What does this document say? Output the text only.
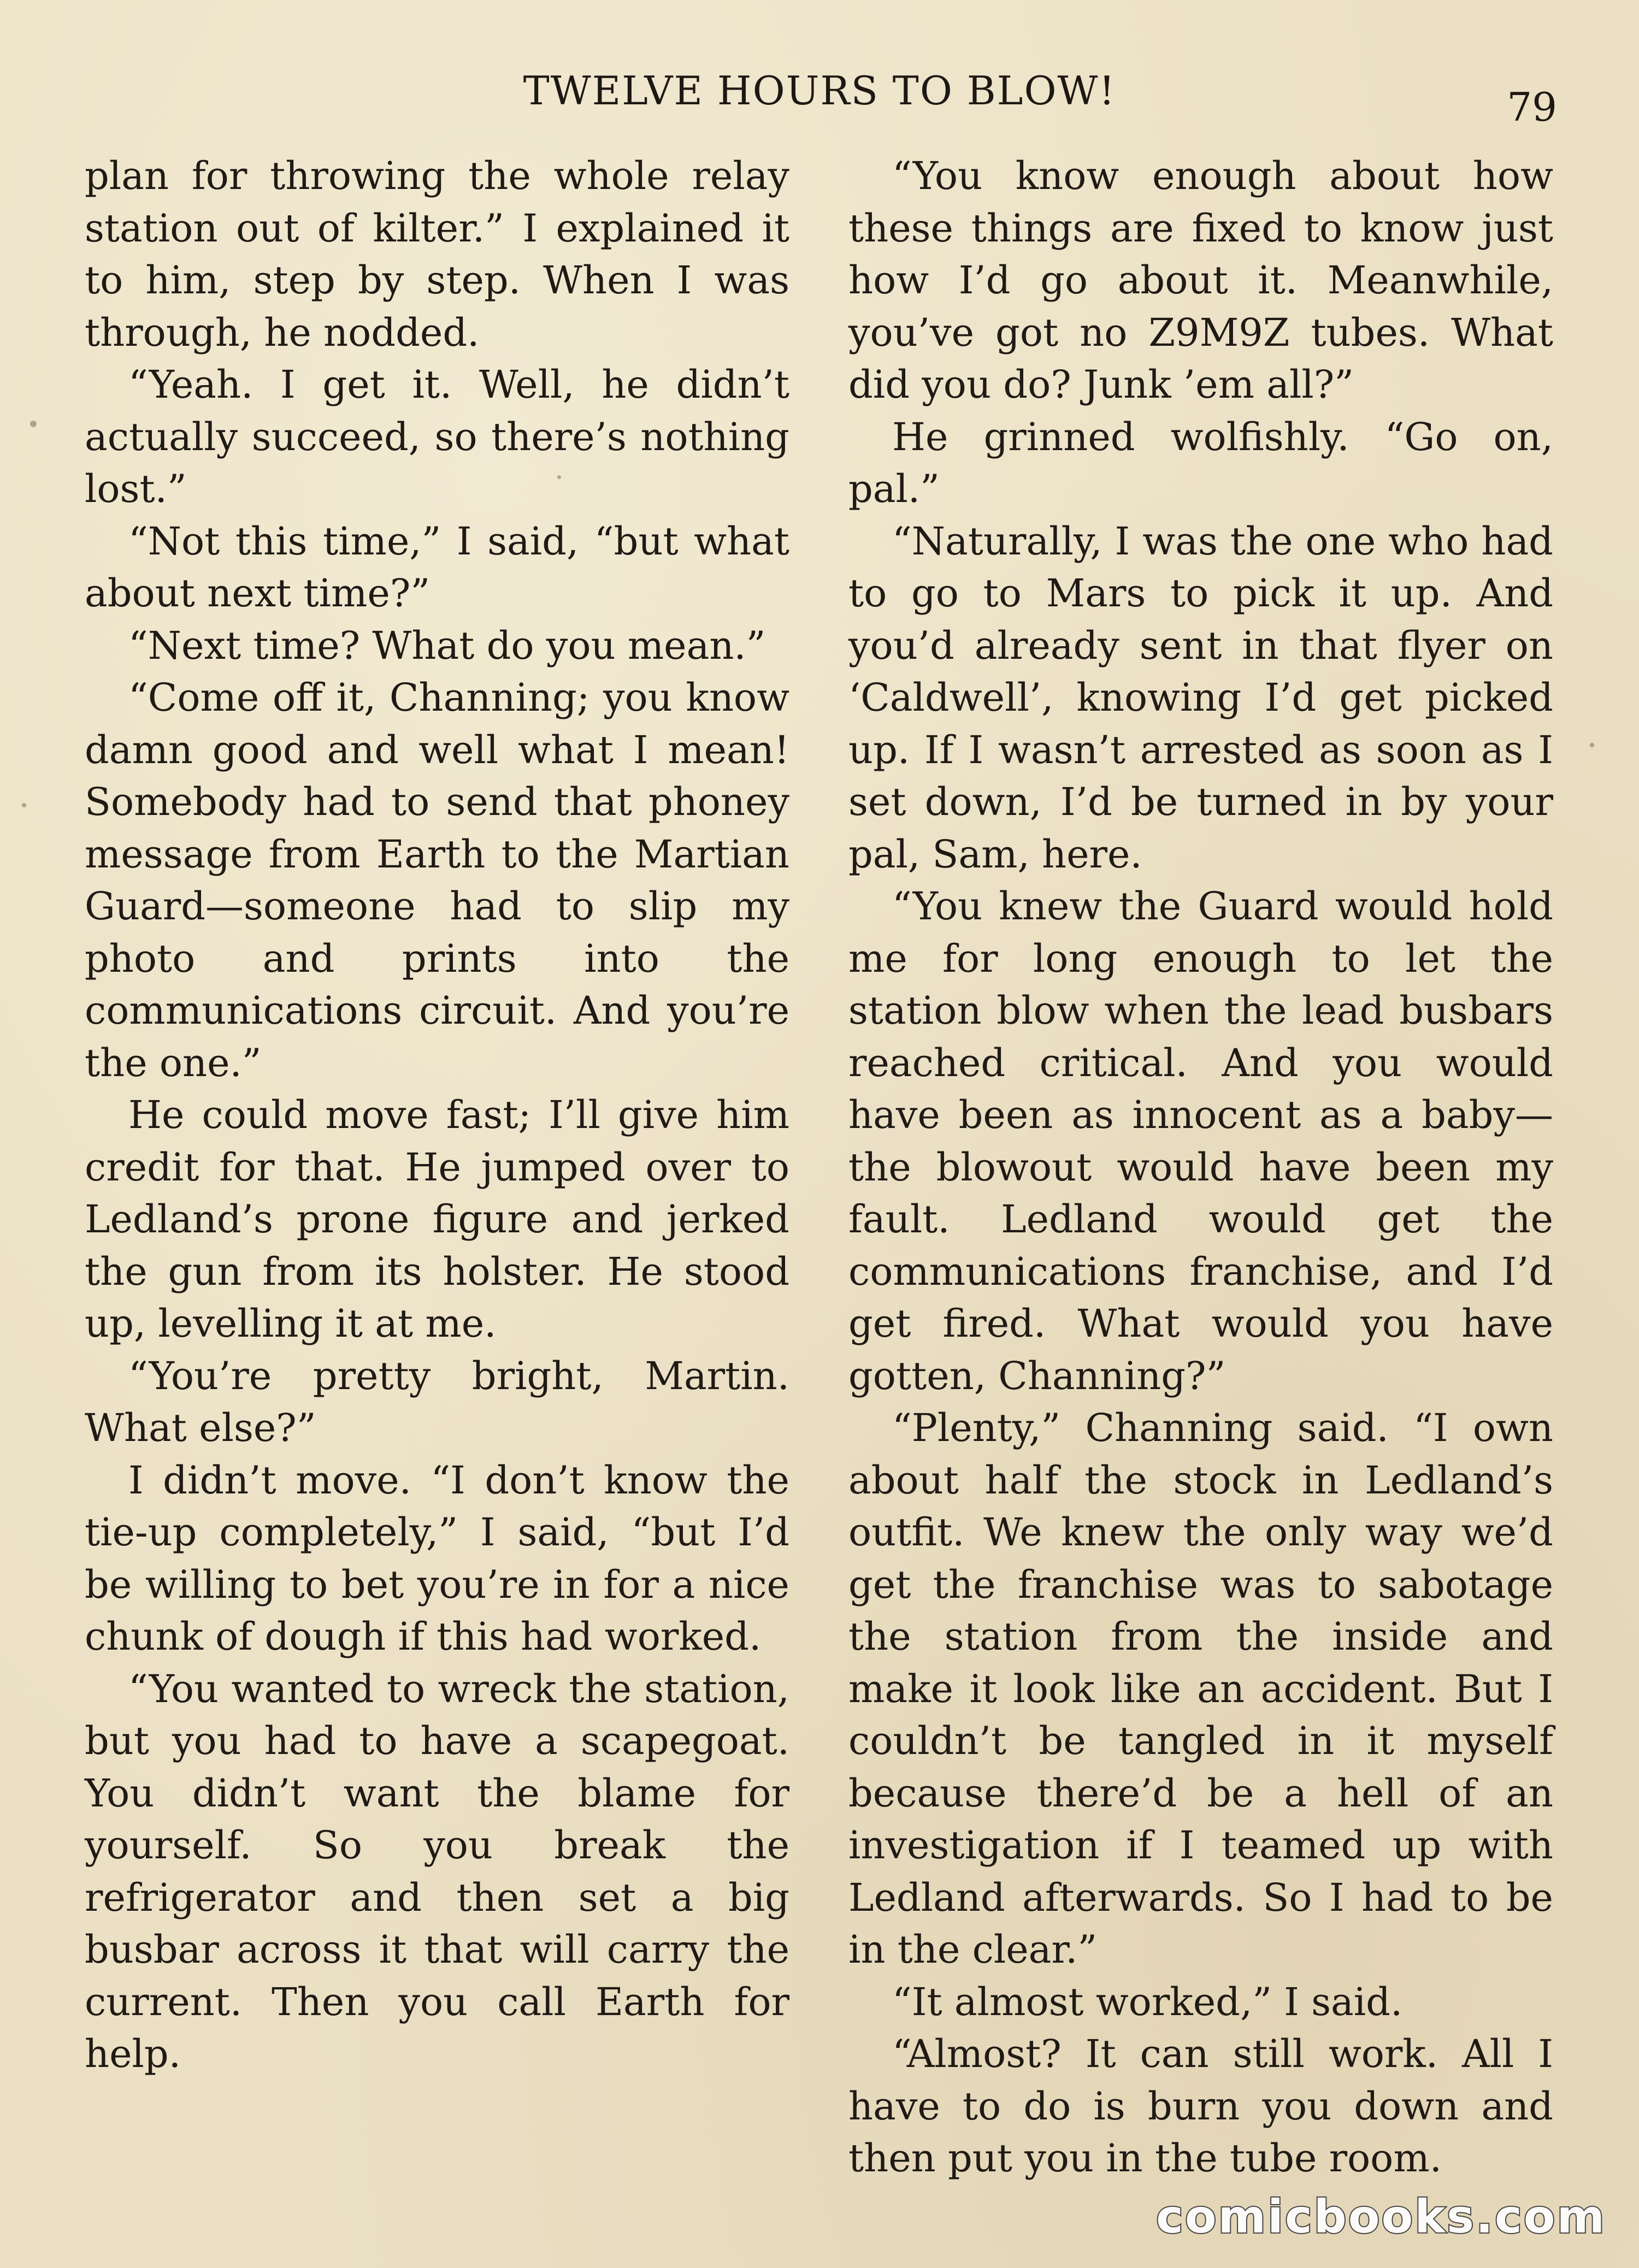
TWELVE HOURS TO BLOW!	79

plan for throwing the whole relay station out of kilter.” I explained it to him, step by step. When I was through, he nodded.

“Yeah. I get it. Well, he didn’t actually succeed, so there’s nothing lost.”

“Not this time,” I said, “but what about next time?”

“Next time? What do you mean.”

“Come off it, Channing; you know damn good and well what I mean! Somebody had to send that phoney message from Earth to the Martian Guard—someone had to slip my photo and prints into the communications circuit. And you’re the one.”

He could move fast; I’ll give him credit for that. He jumped over to Ledland’s prone figure and jerked the gun from its holster. He stood up, levelling it at me.

“You’re pretty bright, Martin. What else?”

I didn’t move. “I don’t know the tie-up completely,” I said, “but I’d be willing to bet you’re in for a nice chunk of dough if this had worked.

“You wanted to wreck the station, but you had to have a scapegoat. You didn’t want the blame for yourself. So you break the refrigerator and then set a big busbar across it that will carry the current. Then you call Earth for help.

“You know enough about how these things are fixed to know just how I’d go about it. Meanwhile, you’ve got no Z9M9Z tubes. What did you do? Junk ’em all?”

He grinned wolfishly. “Go on, pal.”

“Naturally, I was the one who had to go to Mars to pick it up. And you’d already sent in that flyer on ‘Caldwell’, knowing I’d get picked up. If I wasn’t arrested as soon as I set down, I’d be turned in by your pal, Sam, here.

“You knew the Guard would hold me for long enough to let the station blow when the lead busbars reached critical. And you would have been as innocent as a baby—the blowout would have been my fault. Ledland would get the communications franchise, and I’d get fired. What would you have gotten, Channing?”

“Plenty,” Channing said. “I own about half the stock in Ledland’s outfit. We knew the only way we’d get the franchise was to sabotage the station from the inside and make it look like an accident. But I couldn’t be tangled in it myself because there’d be a hell of an investigation if I teamed up with Ledland afterwards. So I had to be in the clear.”

“It almost worked,” I said.

“Almost? It can still work. All I have to do is burn you down and then put you in the tube room.

comicbooks.com
